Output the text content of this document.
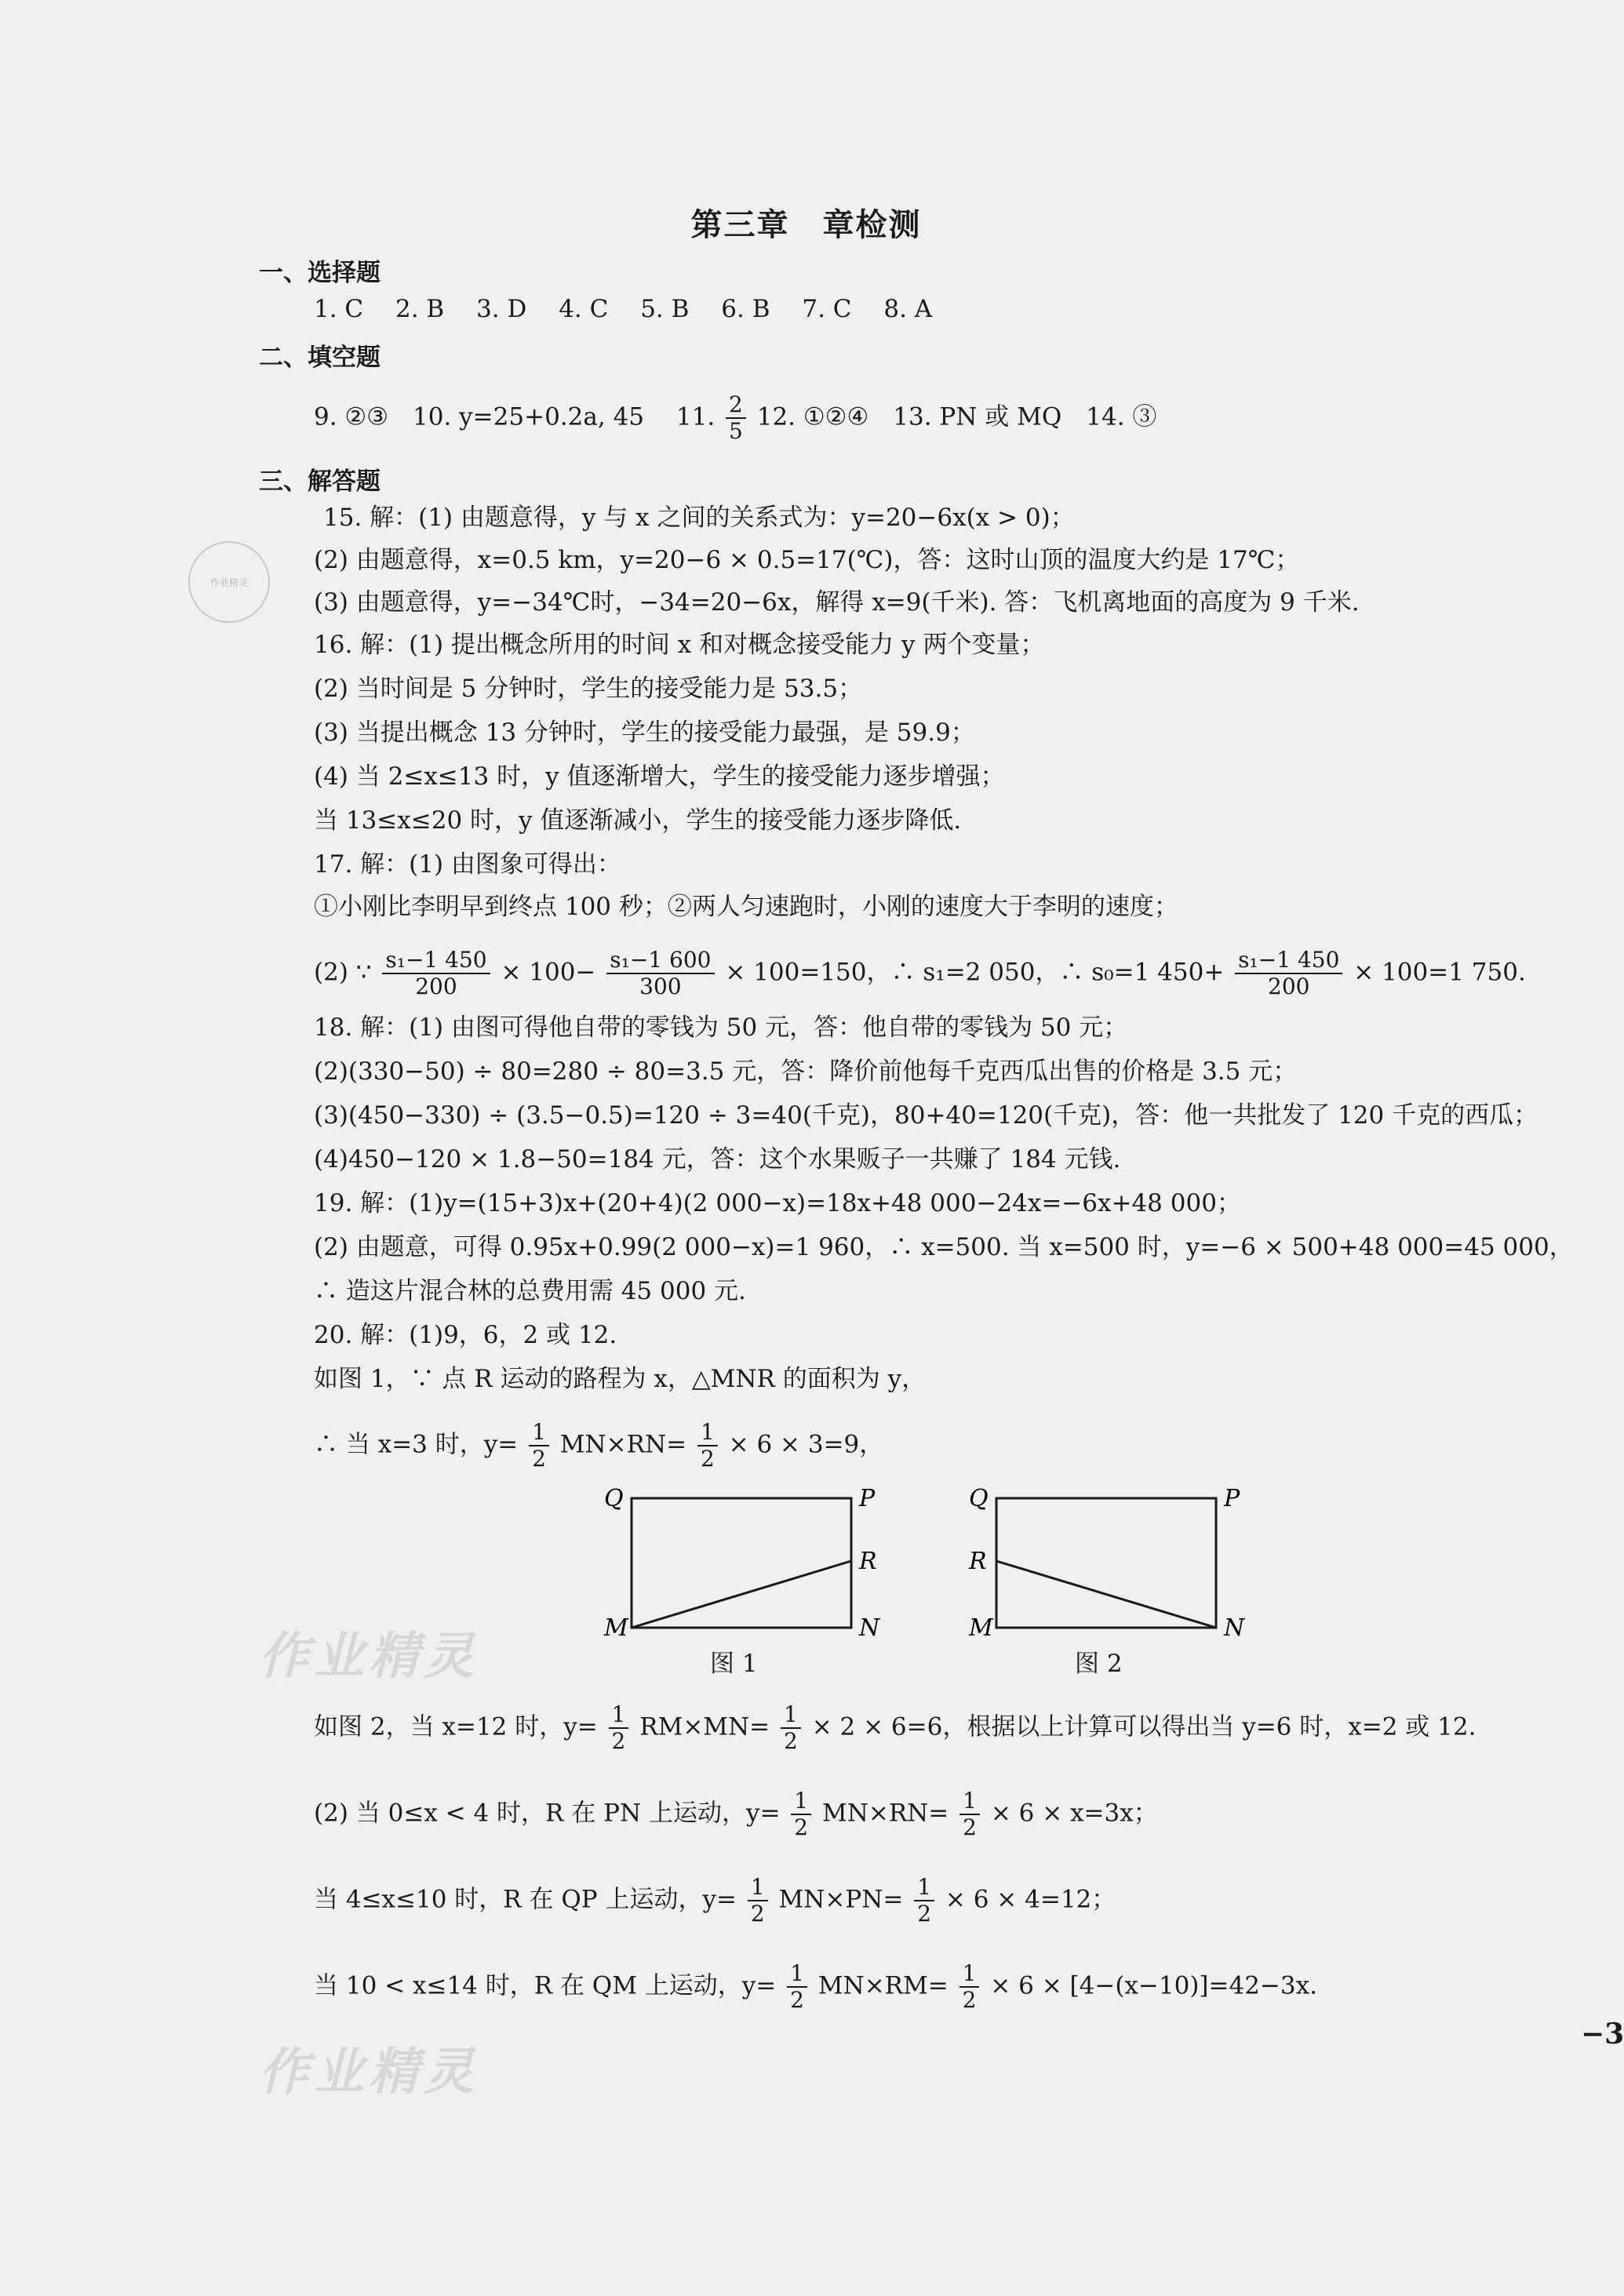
作业精灵
作业精灵
作业精灵
第三章　章检测
一、选择题
1. C　 2. B　 3. D　 4. C　 5. B　 6. B　 7. C　 8. A
二、填空题
9. ②③　10. y=25+0.2a, 45　 11. $\frac{2}{5} 12$. ①②④　13. PN 或 MQ　14. ③
三、解答题
15. 解：(1) 由题意得，y 与 x 之间的关系式为：y=20−6x(x > 0)；
(2) 由题意得，x=0.5 km，y=20−6 × 0.5=17(℃)，答：这时山顶的温度大约是 17℃；
(3) 由题意得，y=−34℃时，−34=20−6x，解得 x=9(千米). 答：飞机离地面的高度为 9 千米.
16. 解：(1) 提出概念所用的时间 x 和对概念接受能力 y 两个变量；
(2) 当时间是 5 分钟时，学生的接受能力是 53.5；
(3) 当提出概念 13 分钟时，学生的接受能力最强，是 59.9；
(4) 当 2≤x≤13 时，y 值逐渐增大，学生的接受能力逐步增强；
当 13≤x≤20 时，y 值逐渐减小，学生的接受能力逐步降低.
17. 解：(1) 由图象可得出：
①小刚比李明早到终点 100 秒；②两人匀速跑时，小刚的速度大于李明的速度；
(2) ∵ $\frac{\text{s₁−1 450}}{200} \times 100- \frac{\text{s₁−1 600}}{300} \times 100=150$，∴ s₁=2 050，∴ s₀=1 $450+ \frac{\text{s₁−1 450}}{200} \times 100=1$ 750.
18. 解：(1) 由图可得他自带的零钱为 50 元，答：他自带的零钱为 50 元；
(2)(330−50) ÷ 80=280 ÷ 80=3.5 元，答：降价前他每千克西瓜出售的价格是 3.5 元；
(3)(450−330) ÷ (3.5−0.5)=120 ÷ 3=40(千克)，80+40=120(千克)，答：他一共批发了 120 千克的西瓜；
(4)450−120 × 1.8−50=184 元，答：这个水果贩子一共赚了 184 元钱.
19. 解：(1)y=(15+3)x+(20+4)(2 000−x)=18x+48 000−24x=−6x+48 000；
(2) 由题意，可得 0.95x+0.99(2 000−x)=1 960，∴ x=500. 当 x=500 时，y=−6 × 500+48 000=45 000，
∴ 造这片混合林的总费用需 45 000 元.
20. 解：(1)9，6，2 或 12.
如图 1，∵ 点 R 运动的路程为 x，△MNR 的面积为 y，
∴ 当 x=3 时，$y= \frac{1}{2} MN\times RN= \frac{1}{2} \times 6 \times 3=9$，
Q	P
R
M	N
图 1
Q	P
R
M	N
图 2
如图 2，当 x=12 时，$y= \frac{1}{2} RM\times MN= \frac{1}{2} \times 2 \times 6=6$，根据以上计算可以得出当 y=6 时，x=2 或 12.
(2) 当 0≤x < 4 时，R 在 PN 上运动，$y= \frac{1}{2} MN\times RN= \frac{1}{2} \times 6 \times x=3x$；
当 4≤x≤10 时，R 在 QP 上运动，$y= \frac{1}{2} MN\times PN= \frac{1}{2} \times 6 \times 4=12$；
当 10 < x≤14 时，R 在 QM 上运动，$y= \frac{1}{2} MN\times RM= \frac{1}{2} \times 6 \times [4-(x-10)]=42-3x$.
−3
